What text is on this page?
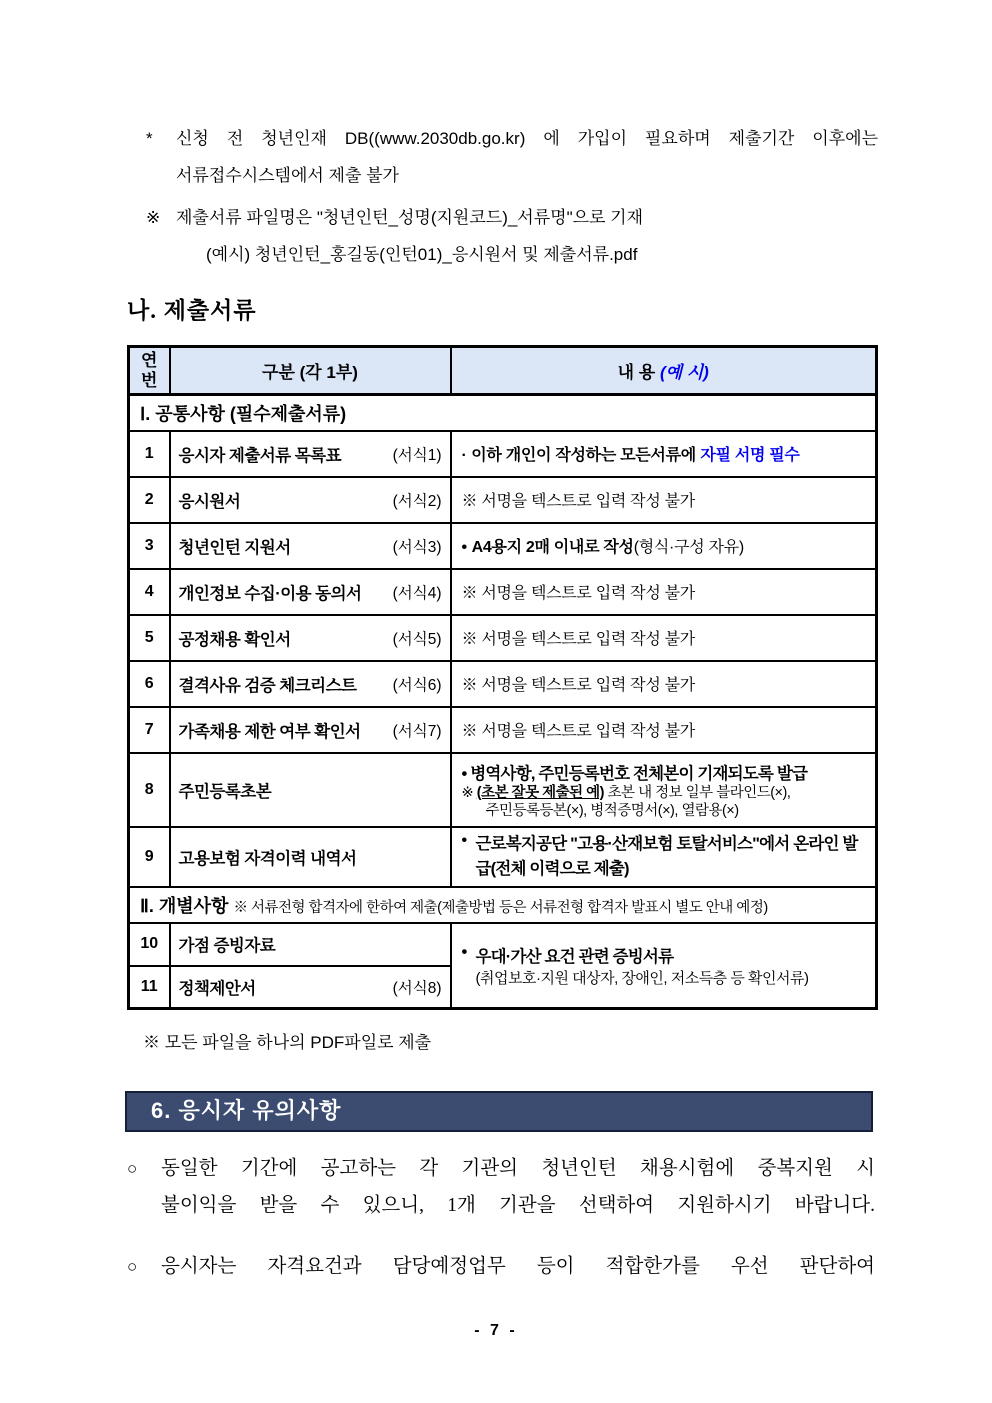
*	신청 전 청년인재 DB((www.2030db.go.kr) 에 가입이 필요하며 제출기간 이후에는
서류접수시스템에서 제출 불가
※ 제출서류 파일명은 "청년인턴_성명(지원코드)_서류명"으로 기재
(예시) 청년인턴_홍길동(인턴01)_응시원서 및 제출서류.pdf
나. 제출서류
연
번	구분 (각 1부)	내 용 (예 시)
Ⅰ. 공통사항 (필수제출서류)		
1	응시자 제출서류 목록표 (서식1)	· 이하 개인이 작성하는 모든서류에 자필 서명 필수
2	응시원서 (서식2)	※ 서명을 텍스트로 입력 작성 불가
3	청년인턴 지원서 (서식3)	• A4용지 2매 이내로 작성(형식·구성 자유)
4	개인정보 수집·이용 동의서 (서식4)	※ 서명을 텍스트로 입력 작성 불가
5	공정채용 확인서 (서식5)	※ 서명을 텍스트로 입력 작성 불가
6	결격사유 검증 체크리스트 (서식6)	※ 서명을 텍스트로 입력 작성 불가
7	가족채용 제한 여부 확인서 (서식7)	※ 서명을 텍스트로 입력 작성 불가
8	주민등록초본	• 병역사항, 주민등록번호 전체본이 기재되도록 발급
※ (초본 잘못 제출된 예) 초본 내 정보 일부 블라인드(×),
주민등록등본(×), 병적증명서(×), 열람용(×)

9	고용보험 자격이력 내역서	• 근로복지공단 "고용·산재보험 토탈서비스"에서 온라인 발급(전체 이력으로 제출)

Ⅱ. 개별사항 ※ 서류전형 합격자에 한하여 제출(제출방법 등은 서류전형 합격자 발표시 별도 안내 예정)		
10	가점 증빙자료	• 우대·가산 요건 관련 증빙서류
(취업보호·지원 대상자, 장애인, 저소득층 등 확인서류)

11	정책제안서 (서식8)	
※ 모든 파일을 하나의 PDF파일로 제출
6. 응시자 유의사항
○	동일한 기간에 공고하는 각 기관의 청년인턴 채용시험에 중복지원 시
불이익을 받을 수 있으니, 1개 기관을 선택하여 지원하시기 바랍니다.
○	응시자는 자격요건과 담당예정업무 등이 적합한가를 우선 판단하여
- 7 -
